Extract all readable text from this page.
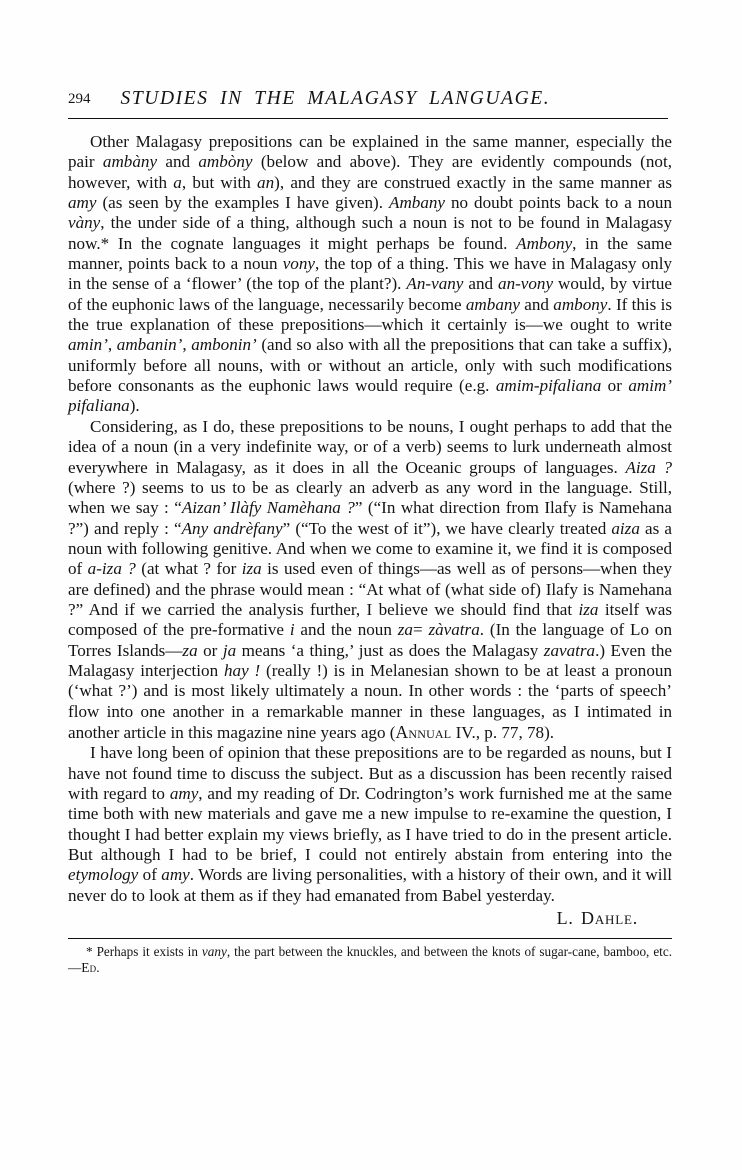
294	STUDIES IN THE MALAGASY LANGUAGE.

Other Malagasy prepositions can be explained in the same manner, especially the pair ambàny and ambòny (below and above). They are evidently compounds (not, however, with a, but with an), and they are construed exactly in the same manner as amy (as seen by the examples I have given). Ambany no doubt points back to a noun vàny, the under side of a thing, although such a noun is not to be found in Malagasy now.* In the cognate languages it might perhaps be found. Ambony, in the same manner, points back to a noun vony, the top of a thing. This we have in Malagasy only in the sense of a ‘flower’ (the top of the plant?). An-vany and an-vony would, by virtue of the euphonic laws of the language, necessarily become ambany and ambony. If this is the true explanation of these prepositions—which it certainly is—we ought to write amin’, ambanin’, ambonin’ (and so also with all the prepositions that can take a suffix), uniformly before all nouns, with or without an article, only with such modifications before consonants as the euphonic laws would require (e.g. amim-pifaliana or amim’ pifaliana).

Considering, as I do, these prepositions to be nouns, I ought perhaps to add that the idea of a noun (in a very indefinite way, or of a verb) seems to lurk underneath almost everywhere in Malagasy, as it does in all the Oceanic groups of languages. Aiza ? (where ?) seems to us to be as clearly an adverb as any word in the language. Still, when we say : “Aizan’ Ilàfy Namèhana ?” (“In what direction from Ilafy is Namehana ?”) and reply : “Any andrèfany” (“To the west of it”), we have clearly treated aiza as a noun with following genitive. And when we come to examine it, we find it is composed of a-iza ? (at what ? for iza is used even of things—as well as of persons—when they are defined) and the phrase would mean : “At what of (what side of) Ilafy is Namehana ?” And if we carried the analysis further, I believe we should find that iza itself was composed of the pre-formative i and the noun za= zàvatra. (In the language of Lo on Torres Islands—za or ja means ‘a thing,’ just as does the Malagasy zavatra.) Even the Malagasy interjection hay ! (really !) is in Melanesian shown to be at least a pronoun (‘what ?’) and is most likely ultimately a noun. In other words : the ‘parts of speech’ flow into one another in a remarkable manner in these languages, as I intimated in another article in this magazine nine years ago (Annual IV., p. 77, 78).

I have long been of opinion that these prepositions are to be regarded as nouns, but I have not found time to discuss the subject. But as a discussion has been recently raised with regard to amy, and my reading of Dr. Codrington’s work furnished me at the same time both with new materials and gave me a new impulse to re-examine the question, I thought I had better explain my views briefly, as I have tried to do in the present article. But although I had to be brief, I could not entirely abstain from entering into the etymology of amy. Words are living personalities, with a history of their own, and it will never do to look at them as if they had emanated from Babel yesterday.

L. Dahle.
* Perhaps it exists in vany, the part between the knuckles, and between the knots of sugar-cane, bamboo, etc.—Ed.
